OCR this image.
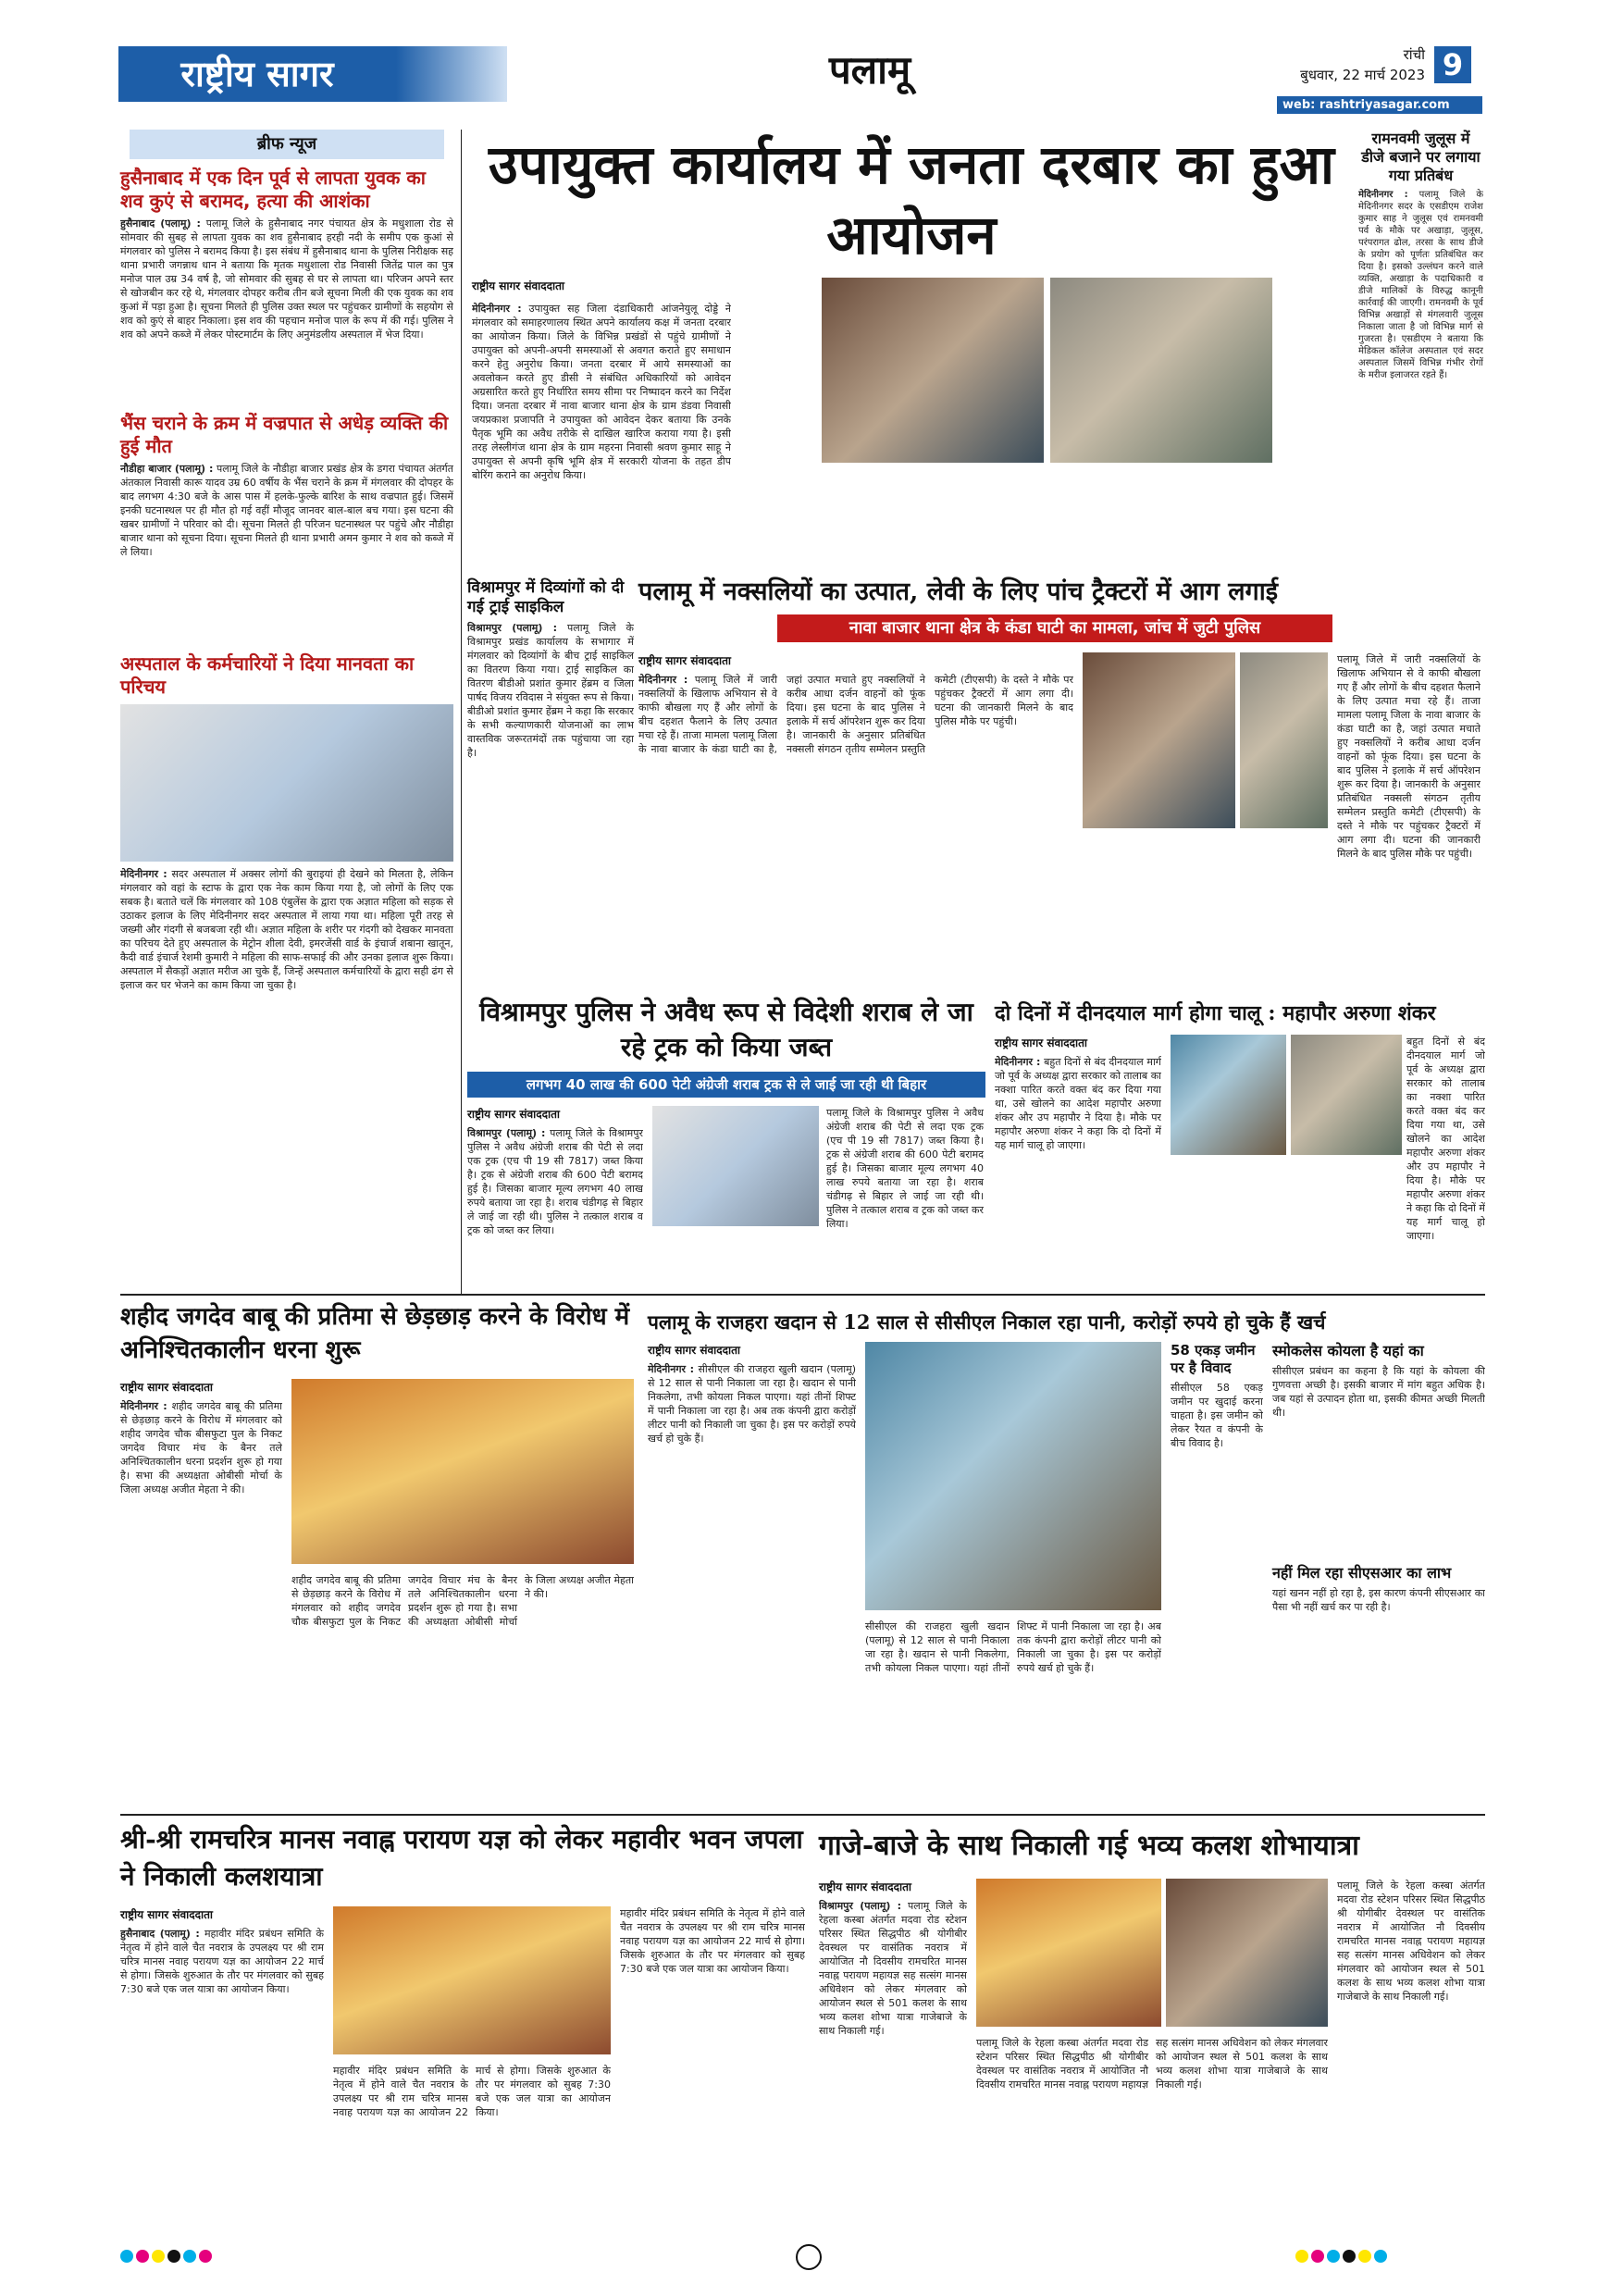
राष्ट्रीय सागर	पलामू	रांची
बुधवार, 22 मार्च 2023 9
web: rashtriyasagar.com
ब्रीफ न्यूज
हुसैनाबाद में एक दिन पूर्व से लापता युवक का शव कुएं से बरामद, हत्या की आशंका
हुसैनाबाद (पलामू) : पलामू जिले के हुसैनाबाद नगर पंचायत क्षेत्र के मधुशाला रोड से सोमवार की सुबह से लापता युवक का शव हुसैनाबाद हरही नदी के समीप एक कुआं से मंगलवार को पुलिस ने बरामद किया है। इस संबंध में हुसैनाबाद थाना के पुलिस निरीक्षक सह थाना प्रभारी जगन्नाथ धान ने बताया कि मृतक मधुशाला रोड निवासी जितेंद्र पाल का पुत्र मनोज पाल उम्र 34 वर्ष है, जो सोमवार की सुबह से घर से लापता था। परिजन अपने स्तर से खोजबीन कर रहे थे, मंगलवार दोपहर करीब तीन बजे सूचना मिली की एक युवक का शव कुआं में पड़ा हुआ है। सूचना मिलते ही पुलिस उक्त स्थल पर पहुंचकर ग्रामीणों के सहयोग से शव को कुएं से बाहर निकाला। इस शव की पहचान मनोज पाल के रूप में की गई। पुलिस ने शव को अपने कब्जे में लेकर पोस्टमार्टम के लिए अनुमंडलीय अस्पताल में भेज दिया।
भैंस चराने के क्रम में वज्रपात से अधेड़ व्यक्ति की हुई मौत
नौडीहा बाजार (पलामू) : पलामू जिले के नौडीहा बाजार प्रखंड क्षेत्र के डगरा पंचायत अंतर्गत अंतकाल निवासी कारू यादव उम्र 60 वर्षीय के भैंस चराने के क्रम में मंगलवार की दोपहर के बाद लगभग 4:30 बजे के आस पास में हलके-फुल्के बारिश के साथ वज्रपात हुई। जिसमें इनकी घटनास्थल पर ही मौत हो गई वहीं मौजूद जानवर बाल-बाल बच गया। इस घटना की खबर ग्रामीणों ने परिवार को दी। सूचना मिलते ही परिजन घटनास्थल पर पहुंचे और नौडीहा बाजार थाना को सूचना दिया। सूचना मिलते ही थाना प्रभारी अमन कुमार ने शव को कब्जे में ले लिया।
अस्पताल के कर्मचारियों ने दिया मानवता का परिचय
मेदिनीनगर : सदर अस्पताल में अक्सर लोगों की बुराइयां ही देखने को मिलता है, लेकिन मंगलवार को वहां के स्टाफ के द्वारा एक नेक काम किया गया है, जो लोगों के लिए एक सबक है। बताते चलें कि मंगलवार को 108 एंबुलेंस के द्वारा एक अज्ञात महिला को सड़क से उठाकर इलाज के लिए मेदिनीनगर सदर अस्पताल में लाया गया था। महिला पूरी तरह से जख्मी और गंदगी से बजबजा रही थी। अज्ञात महिला के शरीर पर गंदगी को देखकर मानवता का परिचय देते हुए अस्पताल के मेट्रोन शीला देवी, इमरजेंसी वार्ड के इंचार्ज शबाना खातून, कैदी वार्ड इंचार्ज रेशमी कुमारी ने महिला की साफ-सफाई की और उनका इलाज शुरू किया। अस्पताल में सैकड़ों अज्ञात मरीज आ चुके हैं, जिन्हें अस्पताल कर्मचारियों के द्वारा सही ढंग से इलाज कर घर भेजने का काम किया जा चुका है।
उपायुक्त कार्यालय में जनता दरबार का हुआ आयोजन
राष्ट्रीय सागर संवाददाता
मेदिनीनगर : उपायुक्त सह जिला दंडाधिकारी आंजनेयुलू दोड्डे ने मंगलवार को समाहरणालय स्थित अपने कार्यालय कक्ष में जनता दरबार का आयोजन किया। जिले के विभिन्न प्रखंडों से पहुंचे ग्रामीणों ने उपायुक्त को अपनी-अपनी समस्याओं से अवगत कराते हुए समाधान करने हेतु अनुरोध किया। जनता दरबार में आये समस्याओं का अवलोकन करते हुए डीसी ने संबंधित अधिकारियों को आवेदन अग्रसारित करते हुए निर्धारित समय सीमा पर निष्पादन करने का निर्देश दिया। जनता दरबार में नावा बाजार थाना क्षेत्र के ग्राम डंडवा निवासी जयप्रकाश प्रजापति ने उपायुक्त को आवेदन देकर बताया कि उनके पैतृक भूमि का अवैध तरीके से दाखिल खारिज कराया गया है। इसी तरह लेस्लीगंज थाना क्षेत्र के ग्राम महरना निवासी श्रवण कुमार साहू ने उपायुक्त से अपनी कृषि भूमि क्षेत्र में सरकारी योजना के तहत डीप बोरिंग कराने का अनुरोध किया।
रामनवमी जुलूस में डीजे बजाने पर लगाया गया प्रतिबंध
मेदिनीनगर : पलामू जिले के मेदिनीनगर सदर के एसडीएम राजेश कुमार साह ने जुलूस एवं रामनवमी पर्व के मौके पर अखाड़ा, जुलूस, परंपरागत ढोल, तरसा के साथ डीजे के प्रयोग को पूर्णतः प्रतिबंधित कर दिया है। इसको उल्लंघन करने वाले व्यक्ति, अखाड़ा के पदाधिकारी व डीजे मालिकों के विरुद्ध कानूनी कार्रवाई की जाएगी। रामनवमी के पूर्व विभिन्न अखाड़ों से मंगलवारी जुलूस निकाला जाता है जो विभिन्न मार्ग से गुजरता है। एसडीएम ने बताया कि मेडिकल कॉलेज अस्पताल एवं सदर अस्पताल जिसमें विभिन्न गंभीर रोगों के मरीज इलाजरत रहते हैं।
विश्रामपुर में दिव्यांगों को दी गई ट्राई साइकिल
विश्रामपुर (पलामू) : पलामू जिले के विश्रामपुर प्रखंड कार्यालय के सभागार में मंगलवार को दिव्यांगों के बीच ट्राई साइकिल का वितरण किया गया। ट्राई साइकिल का वितरण बीडीओ प्रशांत कुमार हेंब्रम व जिला पार्षद विजय रविदास ने संयुक्त रूप से किया। बीडीओ प्रशांत कुमार हेंब्रम ने कहा कि सरकार के सभी कल्याणकारी योजनाओं का लाभ वास्तविक जरूरतमंदों तक पहुंचाया जा रहा है।
पलामू में नक्सलियों का उत्पात, लेवी के लिए पांच ट्रैक्टरों में आग लगाई
नावा बाजार थाना क्षेत्र के कंडा घाटी का मामला, जांच में जुटी पुलिस
राष्ट्रीय सागर संवाददाता
मेदिनीनगर : पलामू जिले में जारी नक्सलियों के खिलाफ अभियान से वे काफी बौखला गए हैं और लोगों के बीच दहशत फैलाने के लिए उत्पात मचा रहे हैं। ताजा मामला पलामू जिला के नावा बाजार के कंडा घाटी का है, जहां उत्पात मचाते हुए नक्सलियों ने करीब आधा दर्जन वाहनों को फूंक दिया। इस घटना के बाद पुलिस ने इलाके में सर्च ऑपरेशन शुरू कर दिया है। जानकारी के अनुसार प्रतिबंधित नक्सली संगठन तृतीय सम्मेलन प्रस्तुति कमेटी (टीएसपी) के दस्ते ने मौके पर पहुंचकर ट्रैक्टरों में आग लगा दी। घटना की जानकारी मिलने के बाद पुलिस मौके पर पहुंची।
पलामू जिले में जारी नक्सलियों के खिलाफ अभियान से वे काफी बौखला गए हैं और लोगों के बीच दहशत फैलाने के लिए उत्पात मचा रहे हैं। ताजा मामला पलामू जिला के नावा बाजार के कंडा घाटी का है, जहां उत्पात मचाते हुए नक्सलियों ने करीब आधा दर्जन वाहनों को फूंक दिया। इस घटना के बाद पुलिस ने इलाके में सर्च ऑपरेशन शुरू कर दिया है। जानकारी के अनुसार प्रतिबंधित नक्सली संगठन तृतीय सम्मेलन प्रस्तुति कमेटी (टीएसपी) के दस्ते ने मौके पर पहुंचकर ट्रैक्टरों में आग लगा दी। घटना की जानकारी मिलने के बाद पुलिस मौके पर पहुंची।
विश्रामपुर पुलिस ने अवैध रूप से विदेशी शराब ले जा रहे ट्रक को किया जब्त
लगभग 40 लाख की 600 पेटी अंग्रेजी शराब ट्रक से ले जाई जा रही थी बिहार
राष्ट्रीय सागर संवाददाता
विश्रामपुर (पलामू) : पलामू जिले के विश्रामपुर पुलिस ने अवैध अंग्रेजी शराब की पेटी से लदा एक ट्रक (एच पी 19 सी 7817) जब्त किया है। ट्रक से अंग्रेजी शराब की 600 पेटी बरामद हुई है। जिसका बाजार मूल्य लगभग 40 लाख रुपये बताया जा रहा है। शराब चंडीगढ़ से बिहार ले जाई जा रही थी। पुलिस ने तत्काल शराब व ट्रक को जब्त कर लिया।
पलामू जिले के विश्रामपुर पुलिस ने अवैध अंग्रेजी शराब की पेटी से लदा एक ट्रक (एच पी 19 सी 7817) जब्त किया है। ट्रक से अंग्रेजी शराब की 600 पेटी बरामद हुई है। जिसका बाजार मूल्य लगभग 40 लाख रुपये बताया जा रहा है। शराब चंडीगढ़ से बिहार ले जाई जा रही थी। पुलिस ने तत्काल शराब व ट्रक को जब्त कर लिया।
दो दिनों में दीनदयाल मार्ग होगा चालू : महापौर अरुणा शंकर
राष्ट्रीय सागर संवाददाता
मेदिनीनगर : बहुत दिनों से बंद दीनदयाल मार्ग जो पूर्व के अध्यक्ष द्वारा सरकार को तालाब का नक्शा पारित करते वक्त बंद कर दिया गया था, उसे खोलने का आदेश महापौर अरुणा शंकर और उप महापौर ने दिया है। मौके पर महापौर अरुणा शंकर ने कहा कि दो दिनों में यह मार्ग चालू हो जाएगा।
बहुत दिनों से बंद दीनदयाल मार्ग जो पूर्व के अध्यक्ष द्वारा सरकार को तालाब का नक्शा पारित करते वक्त बंद कर दिया गया था, उसे खोलने का आदेश महापौर अरुणा शंकर और उप महापौर ने दिया है। मौके पर महापौर अरुणा शंकर ने कहा कि दो दिनों में यह मार्ग चालू हो जाएगा।
शहीद जगदेव बाबू की प्रतिमा से छेड़छाड़ करने के विरोध में अनिश्चितकालीन धरना शुरू
राष्ट्रीय सागर संवाददाता
मेदिनीनगर : शहीद जगदेव बाबू की प्रतिमा से छेड़छाड़ करने के विरोध में मंगलवार को शहीद जगदेव चौक बीसफुटा पुल के निकट जगदेव विचार मंच के बैनर तले अनिश्चितकालीन धरना प्रदर्शन शुरू हो गया है। सभा की अध्यक्षता ओबीसी मोर्चा के जिला अध्यक्ष अजीत मेहता ने की।
शहीद जगदेव बाबू की प्रतिमा से छेड़छाड़ करने के विरोध में मंगलवार को शहीद जगदेव चौक बीसफुटा पुल के निकट जगदेव विचार मंच के बैनर तले अनिश्चितकालीन धरना प्रदर्शन शुरू हो गया है। सभा की अध्यक्षता ओबीसी मोर्चा के जिला अध्यक्ष अजीत मेहता ने की।
पलामू के राजहरा खदान से 12 साल से सीसीएल निकाल रहा पानी, करोड़ों रुपये हो चुके हैं खर्च
राष्ट्रीय सागर संवाददाता
मेदिनीनगर : सीसीएल की राजहरा खुली खदान (पलामू) से 12 साल से पानी निकाला जा रहा है। खदान से पानी निकलेगा, तभी कोयला निकल पाएगा। यहां तीनों शिफ्ट में पानी निकाला जा रहा है। अब तक कंपनी द्वारा करोड़ों लीटर पानी को निकाली जा चुका है। इस पर करोड़ों रुपये खर्च हो चुके हैं।
सीसीएल की राजहरा खुली खदान (पलामू) से 12 साल से पानी निकाला जा रहा है। खदान से पानी निकलेगा, तभी कोयला निकल पाएगा। यहां तीनों शिफ्ट में पानी निकाला जा रहा है। अब तक कंपनी द्वारा करोड़ों लीटर पानी को निकाली जा चुका है। इस पर करोड़ों रुपये खर्च हो चुके हैं।
58 एकड़ जमीन पर है विवाद
सीसीएल 58 एकड़ जमीन पर खुदाई करना चाहता है। इस जमीन को लेकर रैयत व कंपनी के बीच विवाद है।
स्मोकलेस कोयला है यहां का
सीसीएल प्रबंधन का कहना है कि यहां के कोयला की गुणवत्ता अच्छी है। इसकी बाजार में मांग बहुत अधिक है। जब यहां से उत्पादन होता था, इसकी कीमत अच्छी मिलती थी।
नहीं मिल रहा सीएसआर का लाभ
यहां खनन नहीं हो रहा है, इस कारण कंपनी सीएसआर का पैसा भी नहीं खर्च कर पा रही है।
श्री-श्री रामचरित्र मानस नवाह्न परायण यज्ञ को लेकर महावीर भवन जपला ने निकाली कलशयात्रा
राष्ट्रीय सागर संवाददाता
हुसैनाबाद (पलामू) : महावीर मंदिर प्रबंधन समिति के नेतृत्व में होने वाले चैत नवरात्र के उपलक्ष्य पर श्री राम चरित्र मानस नवाह परायण यज्ञ का आयोजन 22 मार्च से होगा। जिसके शुरुआत के तौर पर मंगलवार को सुबह 7:30 बजे एक जल यात्रा का आयोजन किया।
महावीर मंदिर प्रबंधन समिति के नेतृत्व में होने वाले चैत नवरात्र के उपलक्ष्य पर श्री राम चरित्र मानस नवाह परायण यज्ञ का आयोजन 22 मार्च से होगा। जिसके शुरुआत के तौर पर मंगलवार को सुबह 7:30 बजे एक जल यात्रा का आयोजन किया।
महावीर मंदिर प्रबंधन समिति के नेतृत्व में होने वाले चैत नवरात्र के उपलक्ष्य पर श्री राम चरित्र मानस नवाह परायण यज्ञ का आयोजन 22 मार्च से होगा। जिसके शुरुआत के तौर पर मंगलवार को सुबह 7:30 बजे एक जल यात्रा का आयोजन किया।
गाजे-बाजे के साथ निकाली गई भव्य कलश शोभायात्रा
राष्ट्रीय सागर संवाददाता
विश्रामपुर (पलामू) : पलामू जिले के रेहला कस्बा अंतर्गत मदवा रोड स्टेशन परिसर स्थित सिद्धपीठ श्री योगीबीर देवस्थल पर वासंतिक नवरात्र में आयोजित नौ दिवसीय रामचरित मानस नवाह्न परायण महायज्ञ सह सत्संग मानस अधिवेशन को लेकर मंगलवार को आयोजन स्थल से 501 कलश के साथ भव्य कलश शोभा यात्रा गाजेबाजे के साथ निकाली गई।
पलामू जिले के रेहला कस्बा अंतर्गत मदवा रोड स्टेशन परिसर स्थित सिद्धपीठ श्री योगीबीर देवस्थल पर वासंतिक नवरात्र में आयोजित नौ दिवसीय रामचरित मानस नवाह्न परायण महायज्ञ सह सत्संग मानस अधिवेशन को लेकर मंगलवार को आयोजन स्थल से 501 कलश के साथ भव्य कलश शोभा यात्रा गाजेबाजे के साथ निकाली गई।
पलामू जिले के रेहला कस्बा अंतर्गत मदवा रोड स्टेशन परिसर स्थित सिद्धपीठ श्री योगीबीर देवस्थल पर वासंतिक नवरात्र में आयोजित नौ दिवसीय रामचरित मानस नवाह्न परायण महायज्ञ सह सत्संग मानस अधिवेशन को लेकर मंगलवार को आयोजन स्थल से 501 कलश के साथ भव्य कलश शोभा यात्रा गाजेबाजे के साथ निकाली गई।
